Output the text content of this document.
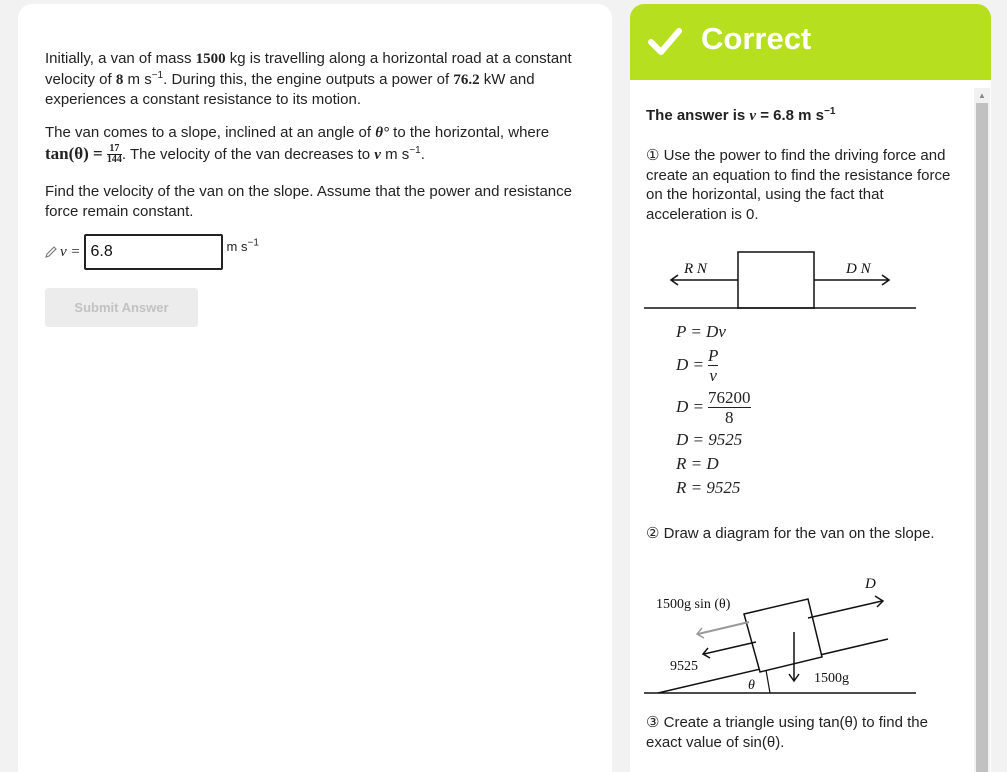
Initially, a van of mass 1500 kg is travelling along a horizontal road at a constant velocity of 8 m $s^{-1}$. During this, the engine outputs a power of 76.2 kW and experiences a constant resistance to its motion.

The van comes to a slope, inclined at an angle of θ° to the horizontal, where $\tan(\theta) = \frac{17}{144}$ . The velocity of the van decreases to v m $s^{-1}$.

Find the velocity of the van on the slope. Assume that the power and resistance force remain constant.

v =
6.8	m $s^{-1}$
Submit Answer
Correct
The answer is v = 6.8 m $s^{-1}$
① Use the power to find the driving force and create an equation to find the resistance force on the horizontal, using the fact that acceleration is 0.
R N	D N
P = Dv
$D = \frac{P}{v}$
$D = \frac{76200}{8}$
D = 9525
R = D
R = 9525
② Draw a diagram for the van on the slope.
1500g sin (θ)
D
9525
θ	1500g
③ Create a triangle using tan(θ) to find the exact value of sin(θ).
▲
